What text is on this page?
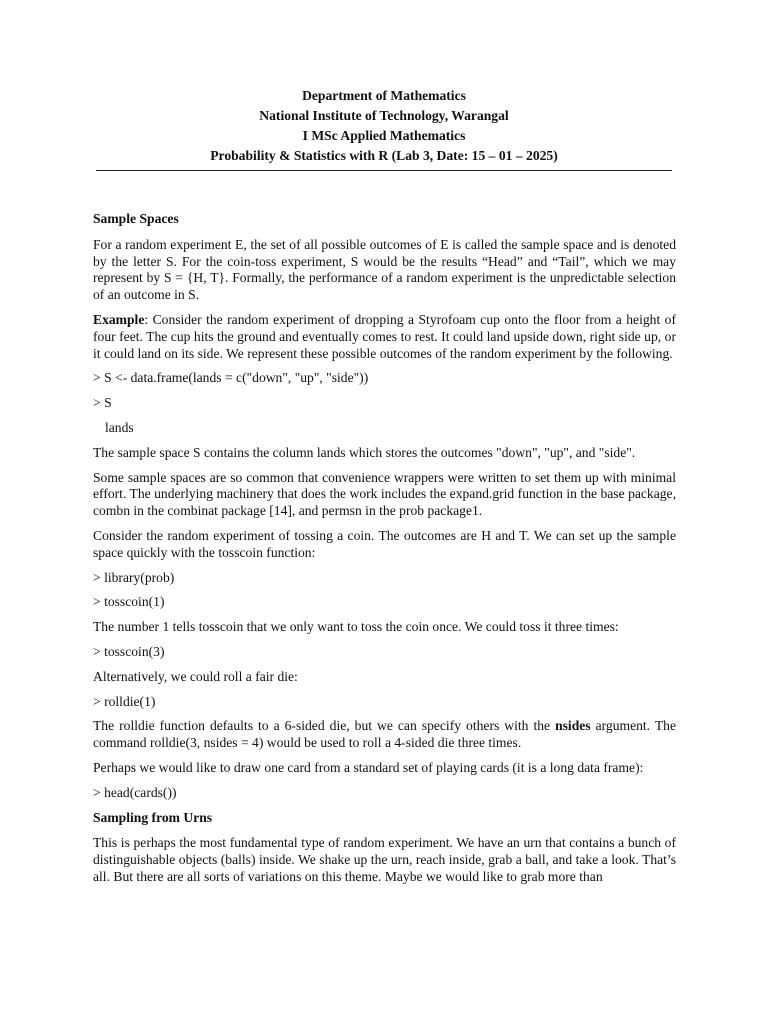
Department of Mathematics
National Institute of Technology, Warangal
I MSc Applied Mathematics
Probability & Statistics with R (Lab 3, Date: 15 – 01 – 2025)

Sample Spaces

For a random experiment E, the set of all possible outcomes of E is called the sample space and is denoted by the letter S. For the coin-toss experiment, S would be the results “Head” and “Tail”, which we may represent by S = {H, T}. Formally, the performance of a random experiment is the unpredictable selection of an outcome in S.

Example: Consider the random experiment of dropping a Styrofoam cup onto the floor from a height of four feet. The cup hits the ground and eventually comes to rest. It could land upside down, right side up, or it could land on its side. We represent these possible outcomes of the random experiment by the following.

> S <- data.frame(lands = c("down", "up", "side"))

> S

lands

The sample space S contains the column lands which stores the outcomes "down", "up", and "side".

Some sample spaces are so common that convenience wrappers were written to set them up with minimal effort. The underlying machinery that does the work includes the expand.grid function in the base package, combn in the combinat package [14], and permsn in the prob package1.

Consider the random experiment of tossing a coin. The outcomes are H and T. We can set up the sample space quickly with the tosscoin function:

> library(prob)

> tosscoin(1)

The number 1 tells tosscoin that we only want to toss the coin once. We could toss it three times:

> tosscoin(3)

Alternatively, we could roll a fair die:

> rolldie(1)

The rolldie function defaults to a 6-sided die, but we can specify others with the nsides argument. The command rolldie(3, nsides = 4) would be used to roll a 4-sided die three times.

Perhaps we would like to draw one card from a standard set of playing cards (it is a long data frame):

> head(cards())

Sampling from Urns

This is perhaps the most fundamental type of random experiment. We have an urn that contains a bunch of distinguishable objects (balls) inside. We shake up the urn, reach inside, grab a ball, and take a look. That’s all. But there are all sorts of variations on this theme. Maybe we would like to grab more than
